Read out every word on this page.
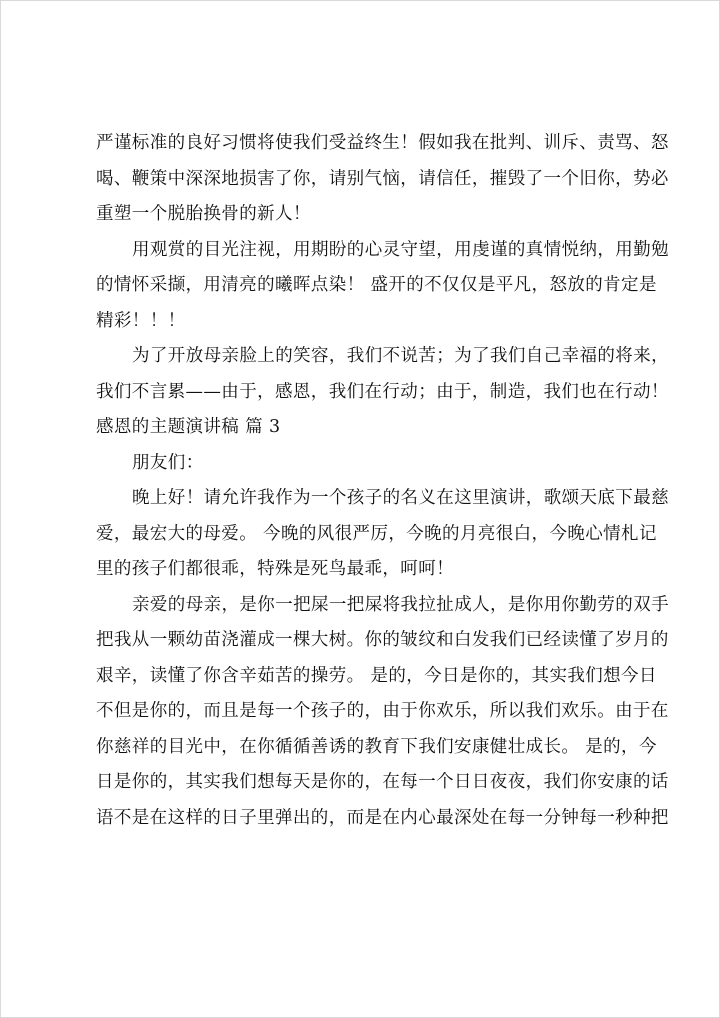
严谨标准的良好习惯将使我们受益终生！假如我在批判、训斥、责骂、怒
喝、鞭策中深深地损害了你，请别气恼，请信任，摧毁了一个旧你，势必
重塑一个脱胎换骨的新人！
用观赏的目光注视，用期盼的心灵守望，用虔谨的真情悦纳，用勤勉
的情怀采撷，用清亮的曦晖点染！ 盛开的不仅仅是平凡，怒放的肯定是
精彩！！！
为了开放母亲脸上的笑容，我们不说苦；为了我们自己幸福的将来，
我们不言累——由于，感恩，我们在行动；由于，制造，我们也在行动！
感恩的主题演讲稿 篇 3
朋友们：
晚上好！请允许我作为一个孩子的名义在这里演讲，歌颂天底下最慈
爱，最宏大的母爱。 今晚的风很严厉，今晚的月亮很白，今晚心情札记
里的孩子们都很乖，特殊是死鸟最乖，呵呵！
亲爱的母亲，是你一把屎一把屎将我拉扯成人，是你用你勤劳的双手
把我从一颗幼苗浇灌成一棵大树。你的皱纹和白发我们已经读懂了岁月的
艰辛，读懂了你含辛茹苦的操劳。 是的，今日是你的，其实我们想今日
不但是你的，而且是每一个孩子的，由于你欢乐，所以我们欢乐。由于在
你慈祥的目光中，在你循循善诱的教育下我们安康健壮成长。 是的，今
日是你的，其实我们想每天是你的，在每一个日日夜夜，我们你安康的话
语不是在这样的日子里弹出的，而是在内心最深处在每一分钟每一秒种把
